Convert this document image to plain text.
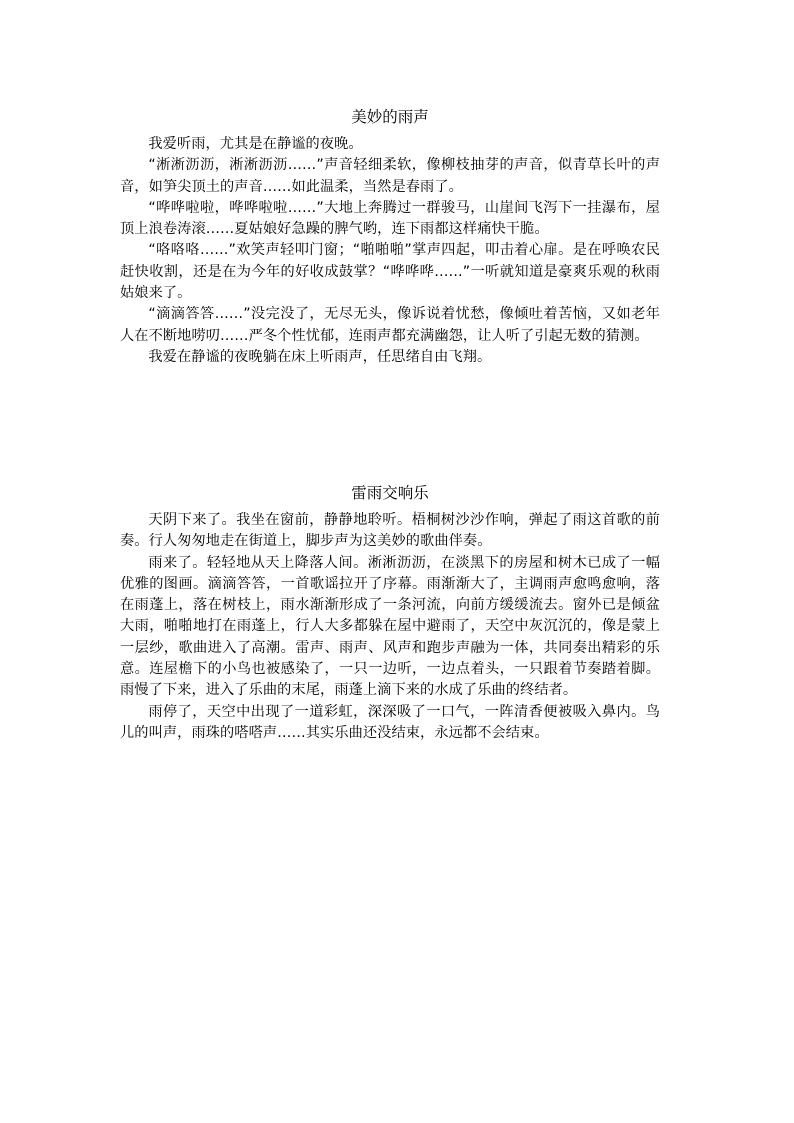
美妙的雨声

我爱听雨，尤其是在静谧的夜晚。

“淅淅沥沥，淅淅沥沥……”声音轻细柔软，像柳枝抽芽的声音，似青草长叶的声音，如笋尖顶土的声音……如此温柔，当然是春雨了。

“哗哗啦啦，哗哗啦啦……”大地上奔腾过一群骏马，山崖间飞泻下一挂瀑布，屋顶上浪卷涛滚……夏姑娘好急躁的脾气哟，连下雨都这样痛快干脆。

“咯咯咯……”欢笑声轻叩门窗；“啪啪啪”掌声四起，叩击着心扉。是在呼唤农民赶快收割，还是在为今年的好收成鼓掌？“哗哗哗……”一听就知道是豪爽乐观的秋雨姑娘来了。

“滴滴答答……”没完没了，无尽无头，像诉说着忧愁，像倾吐着苦恼，又如老年人在不断地唠叨……严冬个性忧郁，连雨声都充满幽怨，让人听了引起无数的猜测。

我爱在静谧的夜晚躺在床上听雨声，任思绪自由飞翔。

雷雨交响乐

天阴下来了。我坐在窗前，静静地聆听。梧桐树沙沙作响，弹起了雨这首歌的前奏。行人匆匆地走在街道上，脚步声为这美妙的歌曲伴奏。

雨来了。轻轻地从天上降落人间。淅淅沥沥，在淡黑下的房屋和树木已成了一幅优雅的图画。滴滴答答，一首歌谣拉开了序幕。雨渐渐大了，主调雨声愈鸣愈响，落在雨蓬上，落在树枝上，雨水渐渐形成了一条河流，向前方缓缓流去。窗外已是倾盆大雨，啪啪地打在雨蓬上，行人大多都躲在屋中避雨了，天空中灰沉沉的，像是蒙上一层纱，歌曲进入了高潮。雷声、雨声、风声和跑步声融为一体，共同奏出精彩的乐意。连屋檐下的小鸟也被感染了，一只一边听，一边点着头，一只跟着节奏踏着脚。雨慢了下来，进入了乐曲的末尾，雨蓬上滴下来的水成了乐曲的终结者。

雨停了，天空中出现了一道彩虹，深深吸了一口气，一阵清香便被吸入鼻内。鸟儿的叫声，雨珠的嗒嗒声……其实乐曲还没结束，永远都不会结束。
